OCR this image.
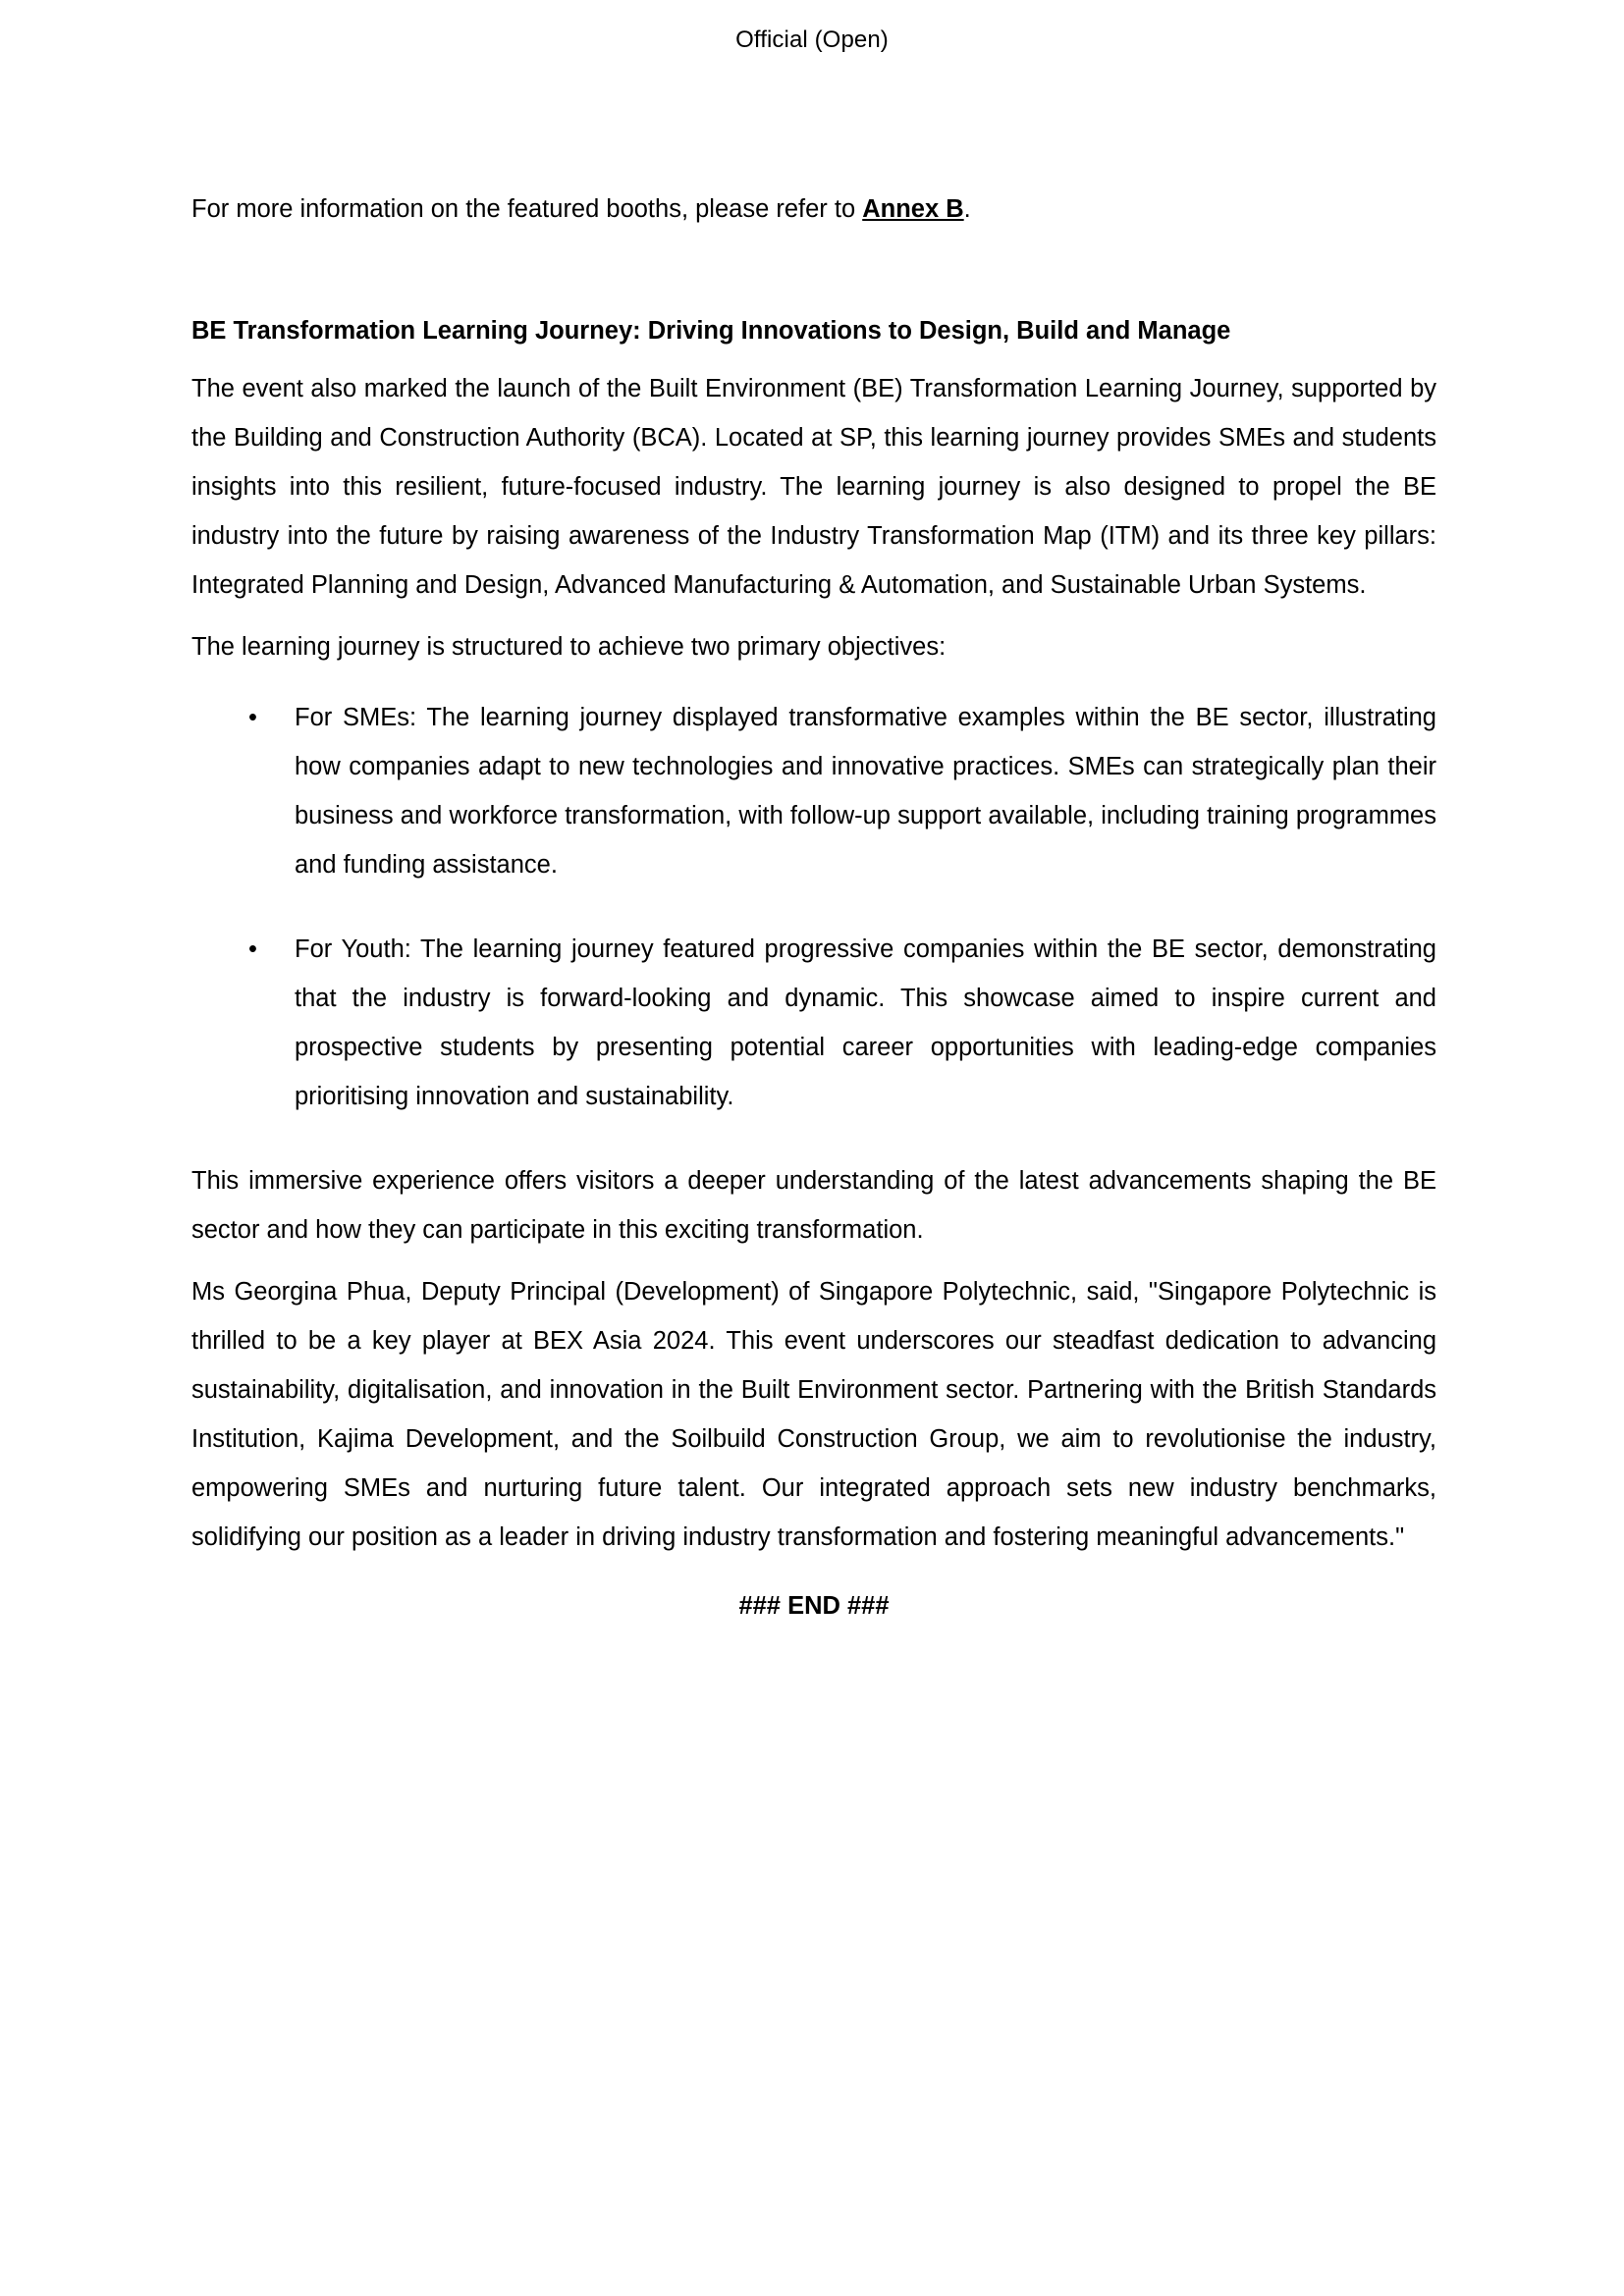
Official (Open)

For more information on the featured booths, please refer to Annex B.

BE Transformation Learning Journey: Driving Innovations to Design, Build and Manage

The event also marked the launch of the Built Environment (BE) Transformation Learning Journey, supported by the Building and Construction Authority (BCA). Located at SP, this learning journey provides SMEs and students insights into this resilient, future-focused industry. The learning journey is also designed to propel the BE industry into the future by raising awareness of the Industry Transformation Map (ITM) and its three key pillars: Integrated Planning and Design, Advanced Manufacturing & Automation, and Sustainable Urban Systems.

The learning journey is structured to achieve two primary objectives:

• For SMEs: The learning journey displayed transformative examples within the BE sector, illustrating how companies adapt to new technologies and innovative practices. SMEs can strategically plan their business and workforce transformation, with follow-up support available, including training programmes and funding assistance.
• For Youth: The learning journey featured progressive companies within the BE sector, demonstrating that the industry is forward-looking and dynamic. This showcase aimed to inspire current and prospective students by presenting potential career opportunities with leading-edge companies prioritising innovation and sustainability.

This immersive experience offers visitors a deeper understanding of the latest advancements shaping the BE sector and how they can participate in this exciting transformation.

Ms Georgina Phua, Deputy Principal (Development) of Singapore Polytechnic, said, "Singapore Polytechnic is thrilled to be a key player at BEX Asia 2024. This event underscores our steadfast dedication to advancing sustainability, digitalisation, and innovation in the Built Environment sector. Partnering with the British Standards Institution, Kajima Development, and the Soilbuild Construction Group, we aim to revolutionise the industry, empowering SMEs and nurturing future talent. Our integrated approach sets new industry benchmarks, solidifying our position as a leader in driving industry transformation and fostering meaningful advancements."

### END ###
